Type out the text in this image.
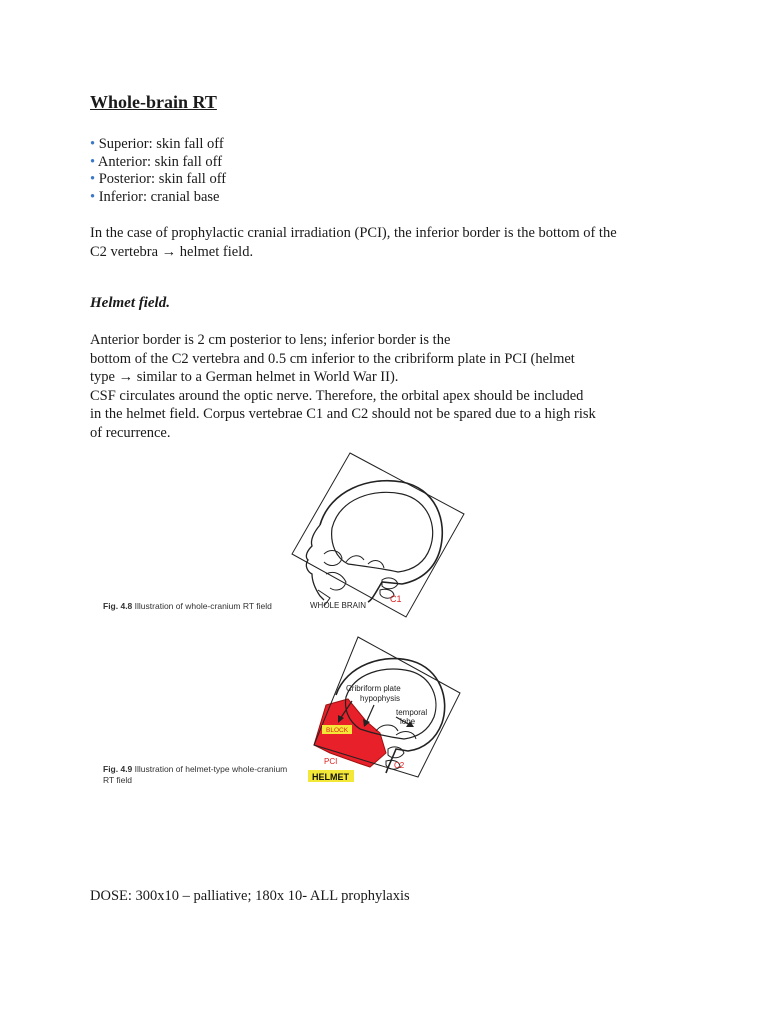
Whole-brain RT
• Superior: skin fall off
• Anterior: skin fall off
• Posterior: skin fall off
• Inferior: cranial base

In the case of prophylactic cranial irradiation (PCI), the inferior border is the bottom of the C2 vertebra → helmet field.

Helmet field.

Anterior border is 2 cm posterior to lens; inferior border is the
bottom of the C2 vertebra and 0.5 cm inferior to the cribriform plate in PCI (helmet
type → similar to a German helmet in World War II).
CSF circulates around the optic nerve. Therefore, the orbital apex should be included
in the helmet field. Corpus vertebrae C1 and C2 should not be spared due to a high risk
of recurrence.

Fig. 4.8 Illustration of whole-cranium RT field	WHOLE BRAIN
C1
Fig. 4.9 Illustration of helmet-type whole-cranium
RT field
Cribriform plate
hypophysis
temporal
lobe
BLOCK
PCI	C2
HELMET

DOSE: 300x10 – palliative; 180x 10- ALL prophylaxis
